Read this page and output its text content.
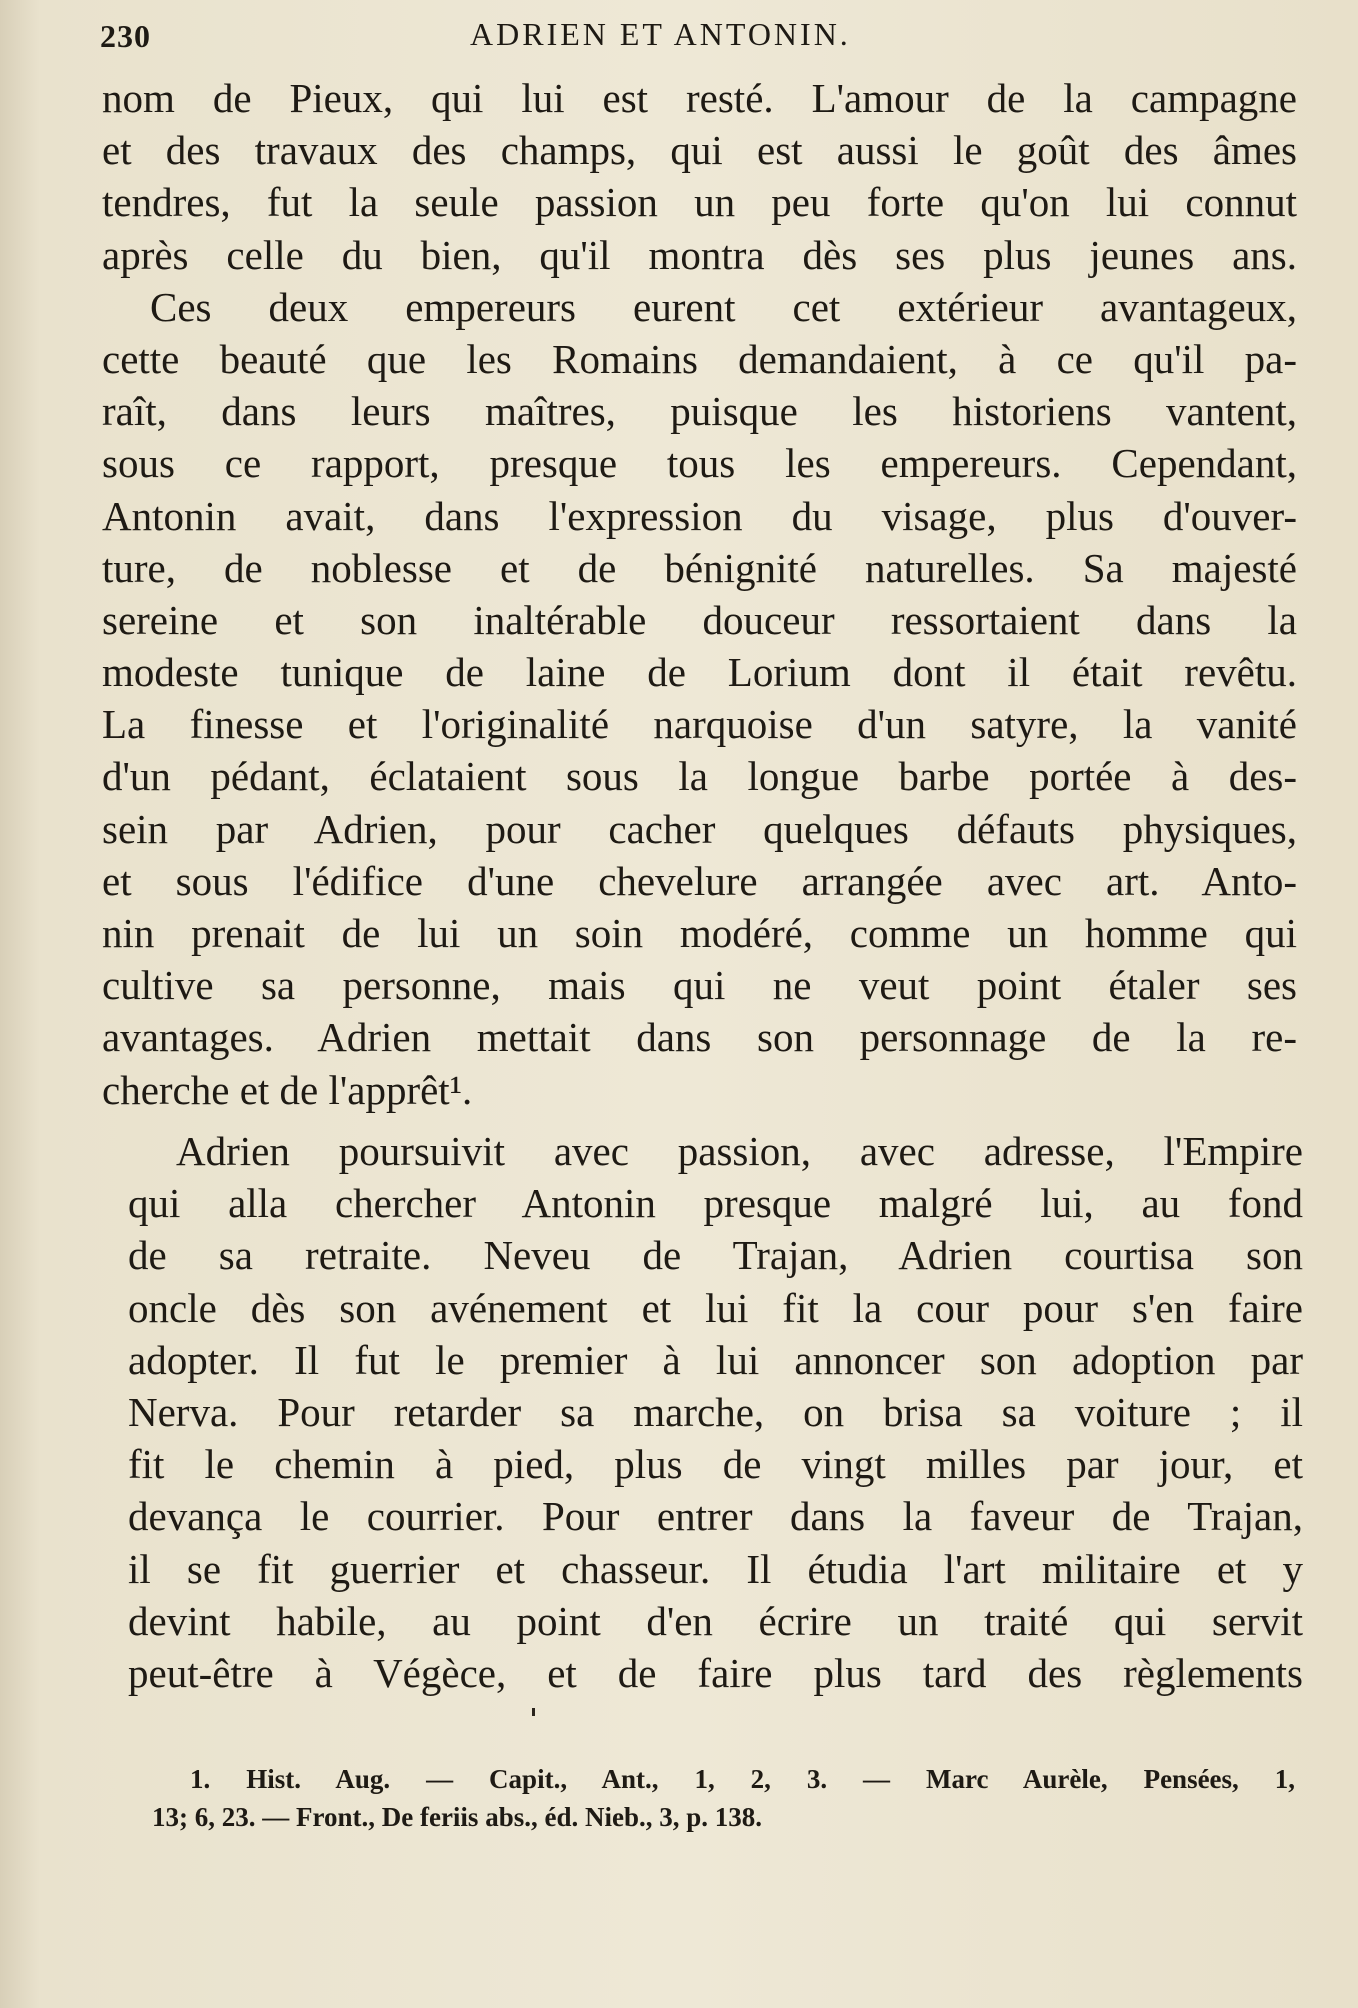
230	ADRIEN ET ANTONIN.
nom de Pieux, qui lui est resté. L'amour de la campagne
et des travaux des champs, qui est aussi le goût des âmes
tendres, fut la seule passion un peu forte qu'on lui connut
après celle du bien, qu'il montra dès ses plus jeunes ans.
Ces deux empereurs eurent cet extérieur avantageux,
cette beauté que les Romains demandaient, à ce qu'il pa-
raît, dans leurs maîtres, puisque les historiens vantent,
sous ce rapport, presque tous les empereurs. Cependant,
Antonin avait, dans l'expression du visage, plus d'ouver-
ture, de noblesse et de bénignité naturelles. Sa majesté
sereine et son inaltérable douceur ressortaient dans la
modeste tunique de laine de Lorium dont il était revêtu.
La finesse et l'originalité narquoise d'un satyre, la vanité
d'un pédant, éclataient sous la longue barbe portée à des-
sein par Adrien, pour cacher quelques défauts physiques,
et sous l'édifice d'une chevelure arrangée avec art. Anto-
nin prenait de lui un soin modéré, comme un homme qui
cultive sa personne, mais qui ne veut point étaler ses
avantages. Adrien mettait dans son personnage de la re-
cherche et de l'apprêt¹.
Adrien poursuivit avec passion, avec adresse, l'Empire
qui alla chercher Antonin presque malgré lui, au fond
de sa retraite. Neveu de Trajan, Adrien courtisa son
oncle dès son avénement et lui fit la cour pour s'en faire
adopter. Il fut le premier à lui annoncer son adoption par
Nerva. Pour retarder sa marche, on brisa sa voiture ; il
fit le chemin à pied, plus de vingt milles par jour, et
devança le courrier. Pour entrer dans la faveur de Trajan,
il se fit guerrier et chasseur. Il étudia l'art militaire et y
devint habile, au point d'en écrire un traité qui servit
peut-être à Végèce, et de faire plus tard des règlements
1. Hist. Aug. — Capit., Ant., 1, 2, 3. — Marc Aurèle, Pensées, 1,
13; 6, 23. — Front., De feriis abs., éd. Nieb., 3, p. 138.
